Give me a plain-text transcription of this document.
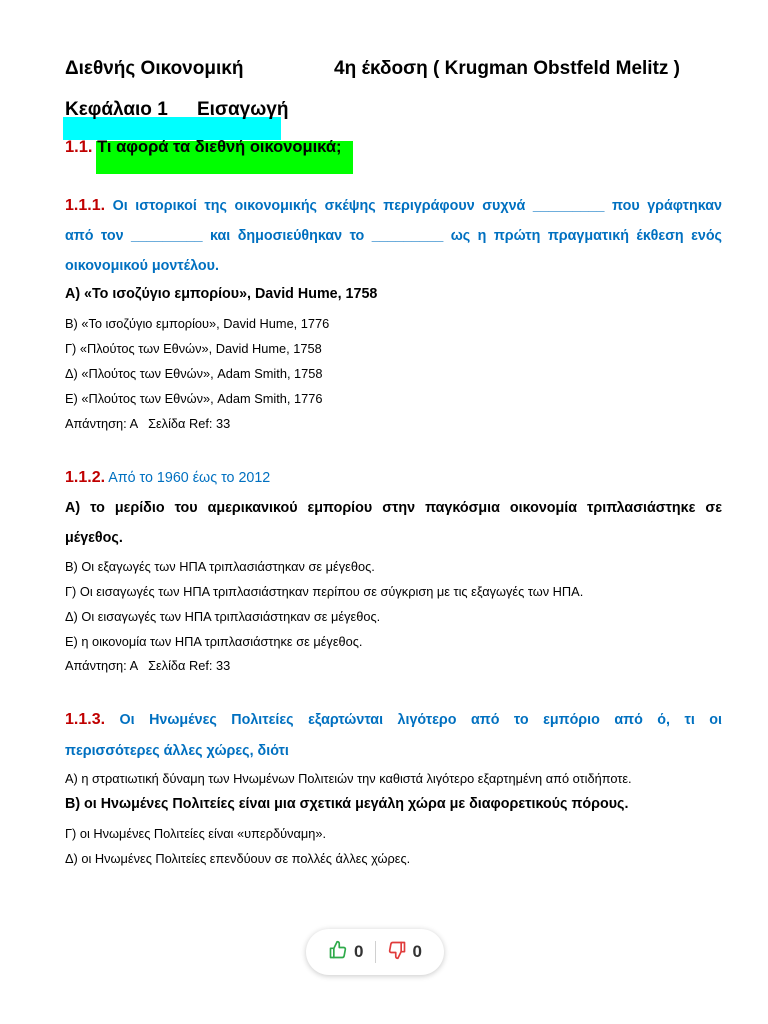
Διεθνής Οικονομική	4η έκδοση ( Krugman Obstfeld Melitz )
Κεφάλαιο 1 Εισαγωγή
1.1. Τι αφορά τα διεθνή οικονομικά;
1.1.1. Οι ιστορικοί της οικονομικής σκέψης περιγράφουν συχνά _________ που γράφτηκαν
από τον _________ και δημοσιεύθηκαν το _________ ως η πρώτη πραγματική έκθεση ενός
οικονομικού μοντέλου.
Α) «Το ισοζύγιο εμπορίου», David Hume, 1758
Β) «Το ισοζύγιο εμπορίου», David Hume, 1776
Γ) «Πλούτος των Εθνών», David Hume, 1758
Δ) «Πλούτος των Εθνών», Adam Smith, 1758
Ε) «Πλούτος των Εθνών», Adam Smith, 1776
Απάντηση: Α   Σελίδα Ref: 33
1.1.2. Από το 1960 έως το 2012
Α) το μερίδιο του αμερικανικού εμπορίου στην παγκόσμια οικονομία τριπλασιάστηκε σε
μέγεθος.
Β) Οι εξαγωγές των ΗΠΑ τριπλασιάστηκαν σε μέγεθος.
Γ) Οι εισαγωγές των ΗΠΑ τριπλασιάστηκαν περίπου σε σύγκριση με τις εξαγωγές των ΗΠΑ.
Δ) Οι εισαγωγές των ΗΠΑ τριπλασιάστηκαν σε μέγεθος.
Ε) η οικονομία των ΗΠΑ τριπλασιάστηκε σε μέγεθος.
Απάντηση: Α   Σελίδα Ref: 33
1.1.3. Οι Ηνωμένες Πολιτείες εξαρτώνται λιγότερο από το εμπόριο από ό, τι οι
περισσότερες άλλες χώρες, διότι
Α) η στρατιωτική δύναμη των Ηνωμένων Πολιτειών την καθιστά λιγότερο εξαρτημένη από οτιδήποτε.
Β) οι Ηνωμένες Πολιτείες είναι μια σχετικά μεγάλη χώρα με διαφορετικούς πόρους.
Γ) οι Ηνωμένες Πολιτείες είναι «υπερδύναμη».
Δ) οι Ηνωμένες Πολιτείες επενδύουν σε πολλές άλλες χώρες.
0	0
